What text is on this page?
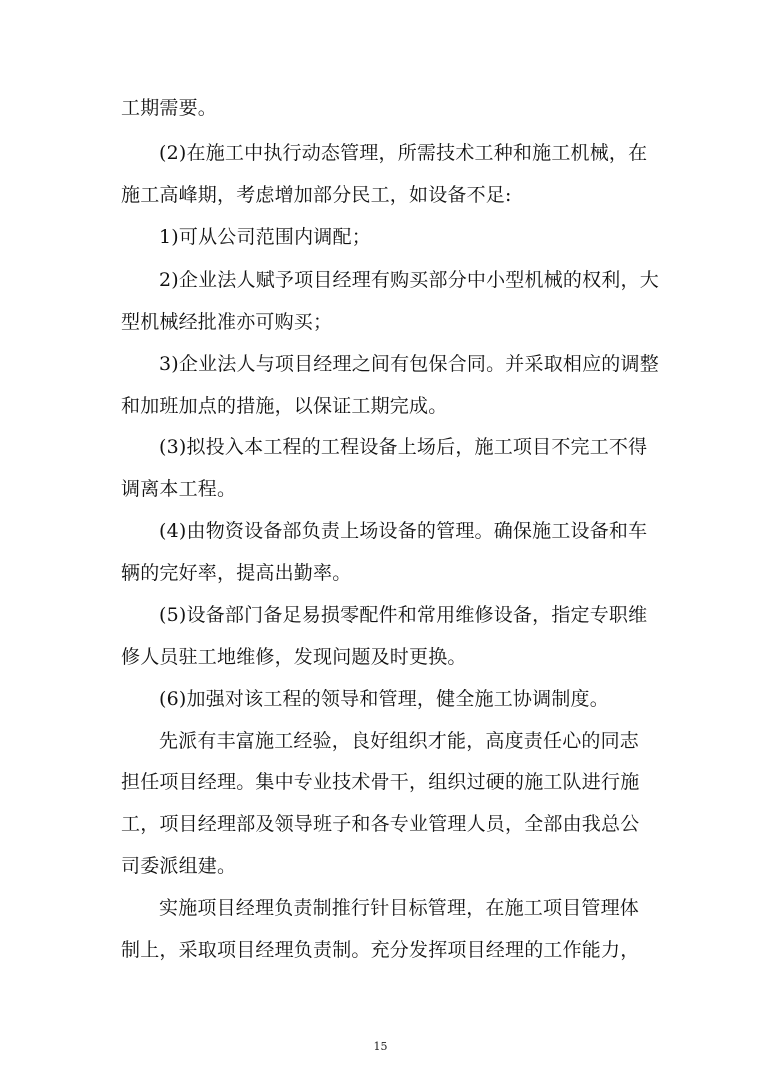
工期需要。
(2)在施工中执行动态管理，所需技术工种和施工机械，在
施工高峰期，考虑增加部分民工，如设备不足:
1)可从公司范围内调配；
2)企业法人赋予项目经理有购买部分中小型机械的权利，大
型机械经批准亦可购买；
3)企业法人与项目经理之间有包保合同。并采取相应的调整
和加班加点的措施，以保证工期完成。
(3)拟投入本工程的工程设备上场后，施工项目不完工不得
调离本工程。
(4)由物资设备部负责上场设备的管理。确保施工设备和车
辆的完好率，提高出勤率。
(5)设备部门备足易损零配件和常用维修设备，指定专职维
修人员驻工地维修，发现问题及时更换。
(6)加强对该工程的领导和管理，健全施工协调制度。
先派有丰富施工经验，良好组织才能，高度责任心的同志
担任项目经理。集中专业技术骨干，组织过硬的施工队进行施
工，项目经理部及领导班子和各专业管理人员，全部由我总公
司委派组建。
实施项目经理负责制推行针目标管理，在施工项目管理体
制上，采取项目经理负责制。充分发挥项目经理的工作能力，
15
